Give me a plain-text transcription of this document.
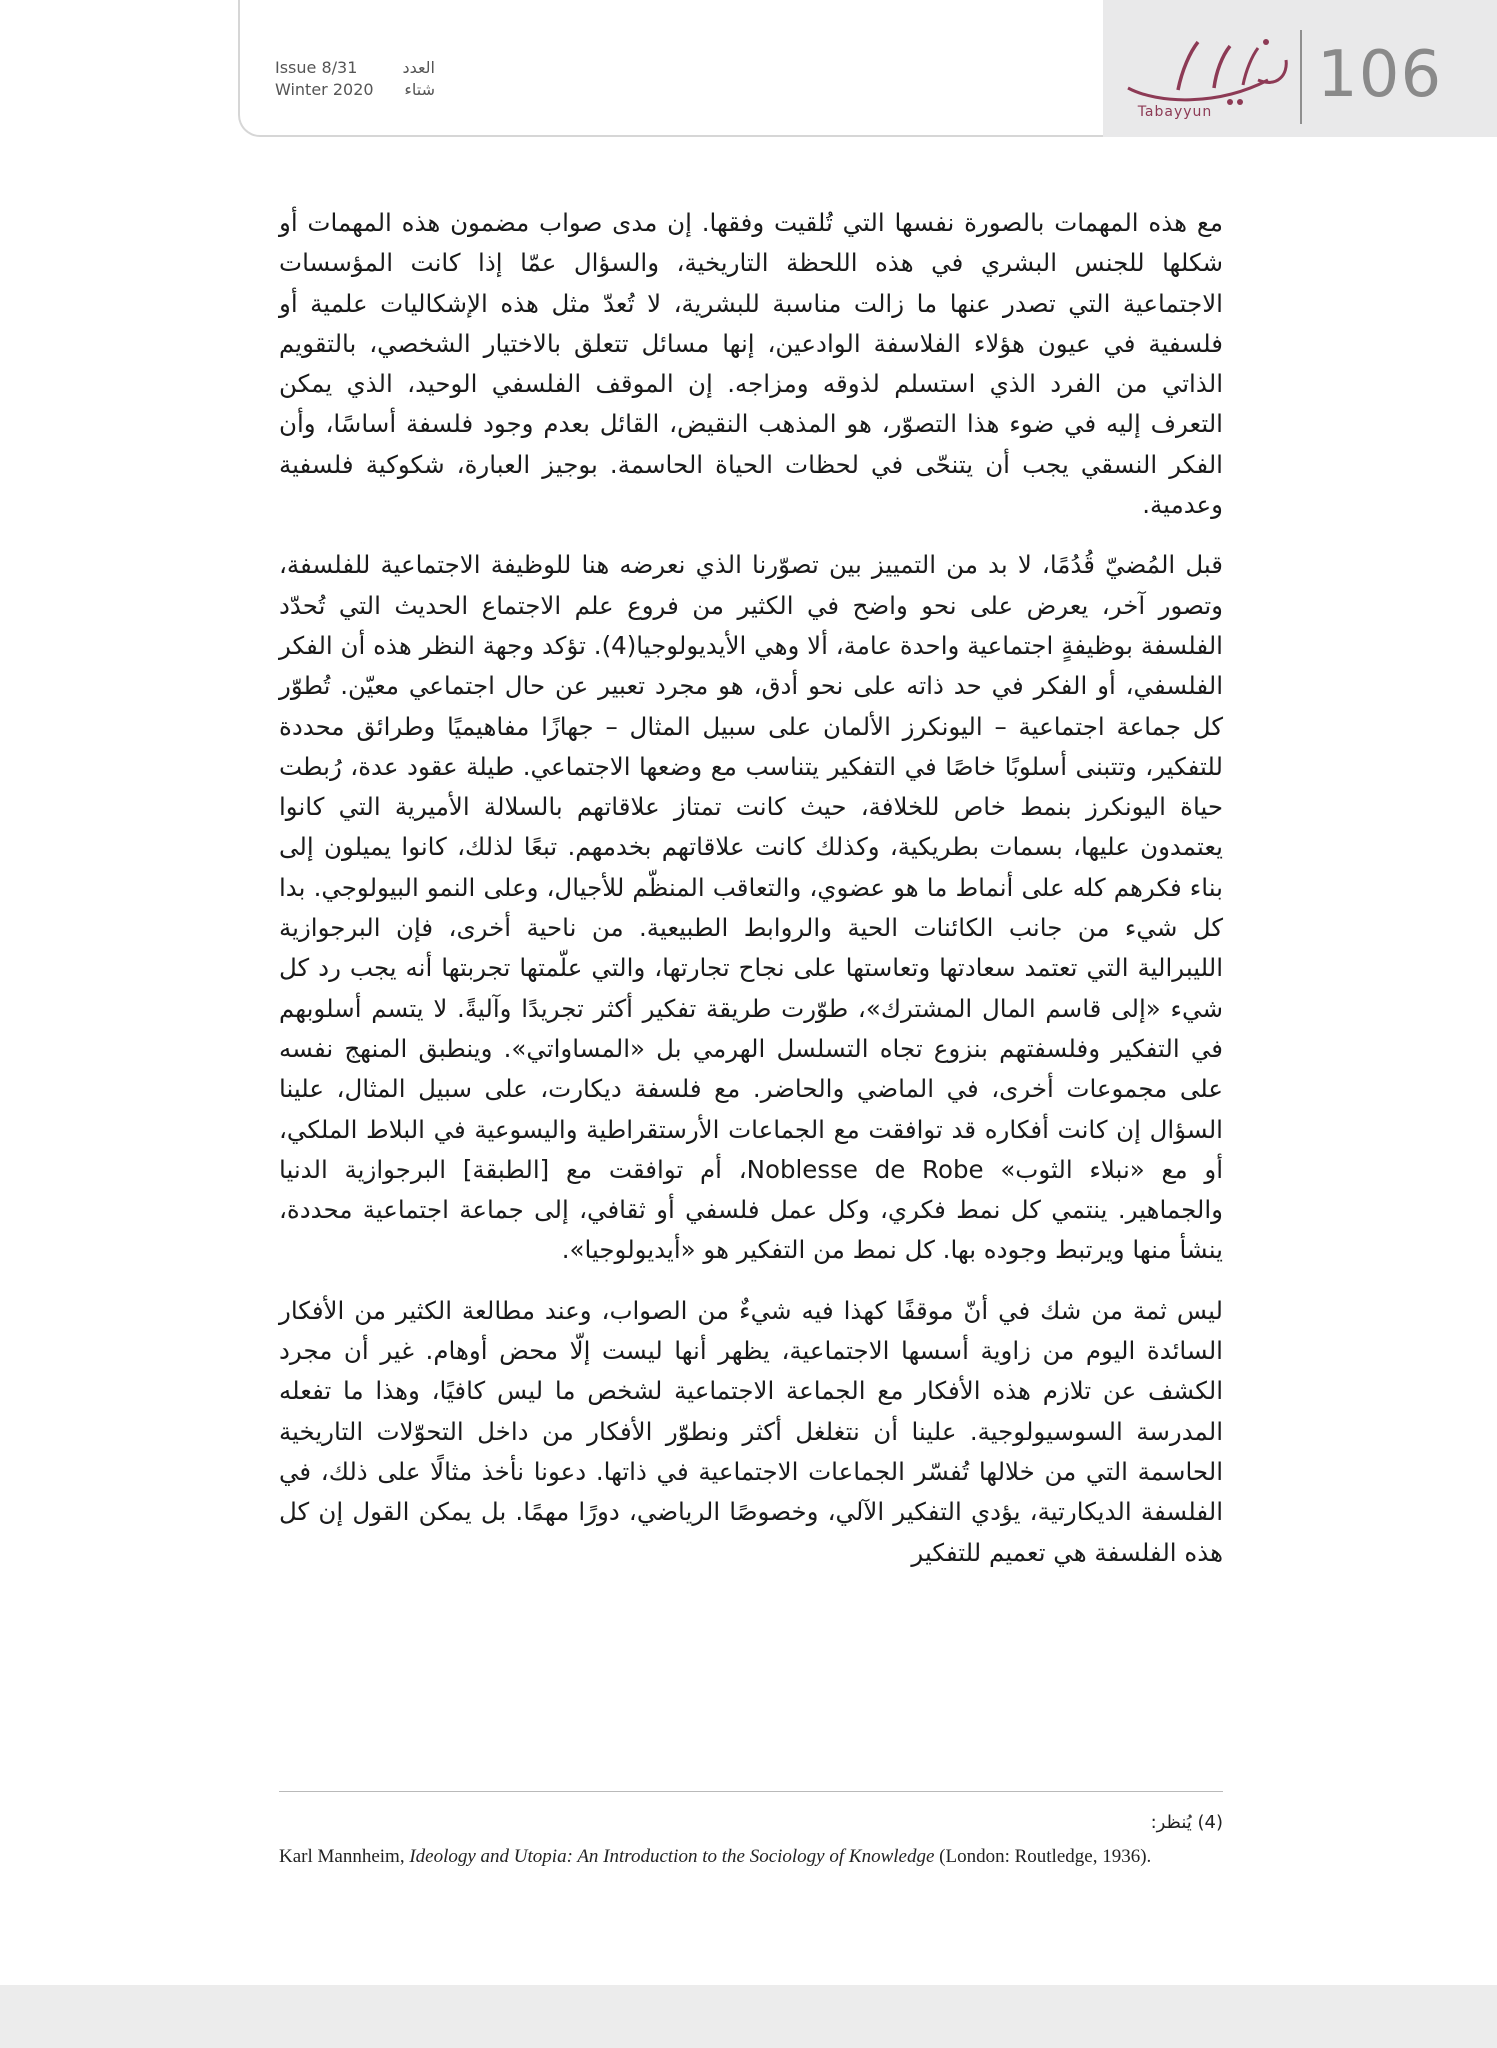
Issue 8/31	العدد
Winter 2020 شتاء
Tabayyun 106

مع هذه المهمات بالصورة نفسها التي تُلقيت وفقها. إن مدى صواب مضمون هذه المهمات أو شكلها للجنس البشري في هذه اللحظة التاريخية، والسؤال عمّا إذا كانت المؤسسات الاجتماعية التي تصدر عنها ما زالت مناسبة للبشرية، لا تُعدّ مثل هذه الإشكاليات علمية أو فلسفية في عيون هؤلاء الفلاسفة الوادعين، إنها مسائل تتعلق بالاختيار الشخصي، بالتقويم الذاتي من الفرد الذي استسلم لذوقه ومزاجه. إن الموقف الفلسفي الوحيد، الذي يمكن التعرف إليه في ضوء هذا التصوّر، هو المذهب النقيض، القائل بعدم وجود فلسفة أساسًا، وأن الفكر النسقي يجب أن يتنحّى في لحظات الحياة الحاسمة. بوجيز العبارة، شكوكية فلسفية وعدمية.

قبل المُضيّ قُدُمًا، لا بد من التمييز بين تصوّرنا الذي نعرضه هنا للوظيفة الاجتماعية للفلسفة، وتصور آخر، يعرض على نحو واضح في الكثير من فروع علم الاجتماع الحديث التي تُحدّد الفلسفة بوظيفةٍ اجتماعية واحدة عامة، ألا وهي الأيديولوجيا(4). تؤكد وجهة النظر هذه أن الفكر الفلسفي، أو الفكر في حد ذاته على نحو أدق، هو مجرد تعبير عن حال اجتماعي معيّن. تُطوّر كل جماعة اجتماعية – اليونكرز الألمان على سبيل المثال – جهازًا مفاهيميًا وطرائق محددة للتفكير، وتتبنى أسلوبًا خاصًا في التفكير يتناسب مع وضعها الاجتماعي. طيلة عقود عدة، رُبطت حياة اليونكرز بنمط خاص للخلافة، حيث كانت تمتاز علاقاتهم بالسلالة الأميرية التي كانوا يعتمدون عليها، بسمات بطريكية، وكذلك كانت علاقاتهم بخدمهم. تبعًا لذلك، كانوا يميلون إلى بناء فكرهم كله على أنماط ما هو عضوي، والتعاقب المنظّم للأجيال، وعلى النمو البيولوجي. بدا كل شيء من جانب الكائنات الحية والروابط الطبيعية. من ناحية أخرى، فإن البرجوازية الليبرالية التي تعتمد سعادتها وتعاستها على نجاح تجارتها، والتي علّمتها تجربتها أنه يجب رد كل شيء «إلى قاسم المال المشترك»، طوّرت طريقة تفكير أكثر تجريدًا وآليةً. لا يتسم أسلوبهم في التفكير وفلسفتهم بنزوع تجاه التسلسل الهرمي بل «المساواتي». وينطبق المنهج نفسه على مجموعات أخرى، في الماضي والحاضر. مع فلسفة ديكارت، على سبيل المثال، علينا السؤال إن كانت أفكاره قد توافقت مع الجماعات الأرستقراطية واليسوعية في البلاط الملكي، أو مع «نبلاء الثوب» Noblesse de Robe، أم توافقت مع [الطبقة] البرجوازية الدنيا والجماهير. ينتمي كل نمط فكري، وكل عمل فلسفي أو ثقافي، إلى جماعة اجتماعية محددة، ينشأ منها ويرتبط وجوده بها. كل نمط من التفكير هو «أيديولوجيا».

ليس ثمة من شك في أنّ موقفًا كهذا فيه شيءٌ من الصواب، وعند مطالعة الكثير من الأفكار السائدة اليوم من زاوية أسسها الاجتماعية، يظهر أنها ليست إلّا محض أوهام. غير أن مجرد الكشف عن تلازم هذه الأفكار مع الجماعة الاجتماعية لشخص ما ليس كافيًا، وهذا ما تفعله المدرسة السوسيولوجية. علينا أن نتغلغل أكثر ونطوّر الأفكار من داخل التحوّلات التاريخية الحاسمة التي من خلالها تُفسّر الجماعات الاجتماعية في ذاتها. دعونا نأخذ مثالًا على ذلك، في الفلسفة الديكارتية، يؤدي التفكير الآلي، وخصوصًا الرياضي، دورًا مهمًا. بل يمكن القول إن كل هذه الفلسفة هي تعميم للتفكير

(4) يُنظر:
Karl Mannheim, Ideology and Utopia: An Introduction to the Sociology of Knowledge (London: Routledge, 1936).
